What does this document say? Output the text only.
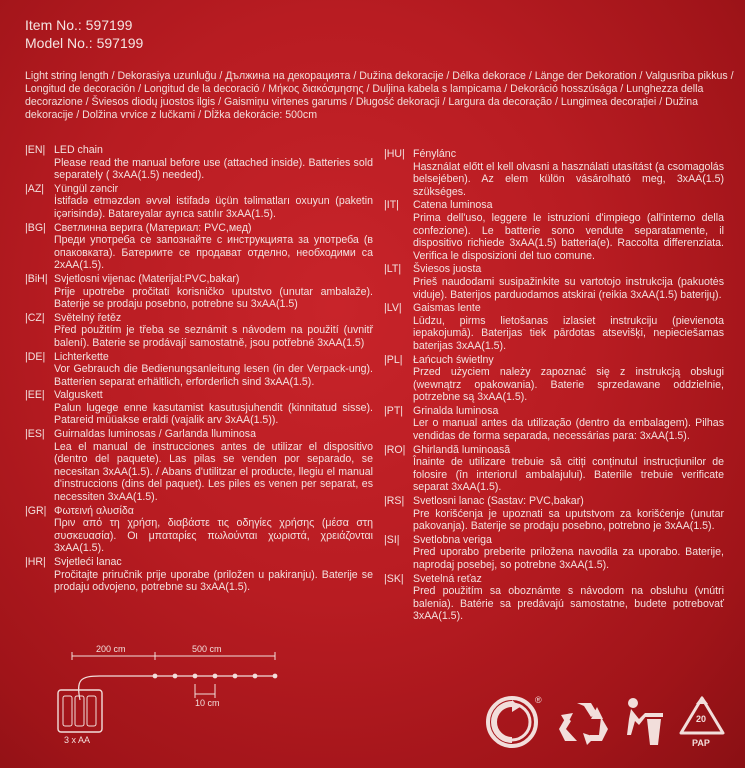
Item No.: 597199
Model No.: 597199
Light string length / Dekorasiya uzunluğu / Дължина на декорацията / Dužina dekoracije / Délka dekorace / Länge der Dekoration / Valgusriba pikkus / Longitud de decoración / Longitud de la decoració / Μήκος διακόσμησης / Duljina kabela s lampicama / Dekoráció hosszúsága / Lunghezza della decorazione / Šviesos diodų juostos ilgis / Gaismiņu virtenes garums / Długość dekoracji / Largura da decoração / Lungimea decorației / Dužina dekoracije / Dolžina vrvice z lučkami / Dĺžka dekorácie: 500cm
|EN| LED chain
Please read the manual before use (attached inside). Batteries sold separately ( 3xAA(1.5) needed).
|AZ| Yüngül zəncir
İstifadə etməzdən əvvəl istifadə üçün təlimatları oxuyun (paketin içərisində). Batareyalar ayrıca satılır 3xAA(1.5).
|BG| Светлинна верига (Материал: PVC,мед)
Преди употреба се запознайте с инструкцията за употреба (в опаковката). Батериите се продават отделно, необходими са 2xAA(1.5).
|BiH| Svjetlosni vijenac (Materijal:PVC,bakar)
Prije upotrebe pročitati korisničko uputstvo (unutar ambalaže). Baterije se prodaju posebno, potrebne su 3xAA(1.5)
|CZ| Světelný řetěz
Před použitím je třeba se seznámit s návodem na použití (uvnitř balení). Baterie se prodávají samostatně, jsou potřebné 3xAA(1.5)
|DE| Lichterkette
Vor Gebrauch die Bedienungsanleitung lesen (in der Verpack-ung). Batterien separat erhältlich, erforderlich sind 3xAA(1.5).
|EE| Valguskett
Palun lugege enne kasutamist kasutusjuhendit (kinnitatud sisse). Patareid müüakse eraldi (vajalik arv 3xAA(1.5)).
|ES| Guirnaldas luminosas / Garlanda lluminosa
Lea el manual de instrucciones antes de utilizar el dispositivo (dentro del paquete). Las pilas se venden por separado, se necesitan 3xAA(1.5). / Abans d'utilitzar el producte, llegiu el manual d'instruccions (dins del paquet). Les piles es venen per separat, es necessiten 3xAA(1.5).
|GR| Φωτεινή αλυσίδα
Πριν από τη χρήση, διαβάστε τις οδηγίες χρήσης (μέσα στη συσκευασία). Οι μπαταρίες πωλούνται χωριστά, χρειάζονται 3xAA(1.5).
|HR| Svjetleći lanac
Pročitajte priručnik prije uporabe (priložen u pakiranju). Baterije se prodaju odvojeno, potrebne su 3xAA(1.5).
|HU| Fénylánc
Használat előtt el kell olvasni a használati utasítást (a csomagolás belsejében). Az elem külön vásárolható meg, 3xAA(1.5) szükséges.
|IT|	Catena luminosa
Prima dell'uso, leggere le istruzioni d'impiego (all'interno della confezione). Le batterie sono vendute separatamente, il dispositivo richiede 3xAA(1.5) batteria(e). Raccolta differenziata. Verifica le disposizioni del tuo comune.
|LT|	Šviesos juosta
Prieš naudodami susipažinkite su vartotojo instrukcija (pakuotės viduje). Baterijos parduodamos atskirai (reikia 3xAA(1.5) baterijų).
|LV|	Gaismas lente
Lūdzu, pirms lietošanas izlasiet instrukciju (pievienota iepakojumā). Baterijas tiek pārdotas atsevišķi, nepieciešamas baterijas 3xAA(1.5).
|PL| Łańcuch świetlny
Przed użyciem należy zapoznać się z instrukcją obsługi (wewnątrz opakowania). Baterie sprzedawane oddzielnie, potrzebne są 3xAA(1.5).
|PT| Grinalda luminosa
Ler o manual antes da utilização (dentro da embalagem). Pilhas vendidas de forma separada, necessárias para: 3xAA(1.5).
|RO| Ghirlandă luminoasă
Înainte de utilizare trebuie să citiți conținutul instrucțiunilor de folosire (în interiorul ambalajului). Bateriile trebuie verificate separat 3xAA(1.5).
|RS| Svetlosni lanac (Sastav: PVC,bakar)
Pre korišćenja je upoznati sa uputstvom za korišćenje (unutar pakovanja). Baterije se prodaju posebno, potrebno je 3xAA(1.5).
|SI|	Svetlobna veriga
Pred uporabo preberite priložena navodila za uporabo. Baterije, naprodaj posebej, so potrebne 3xAA(1.5).
|SK| Svetelná reťaz
Pred použitím sa oboznámte s návodom na obsluhu (vnútri balenia). Batérie sa predávajú samostatne, budete potrebovať 3xAA(1.5).
200 cm	500 cm
10 cm
3 x AA
®
20
PAP
